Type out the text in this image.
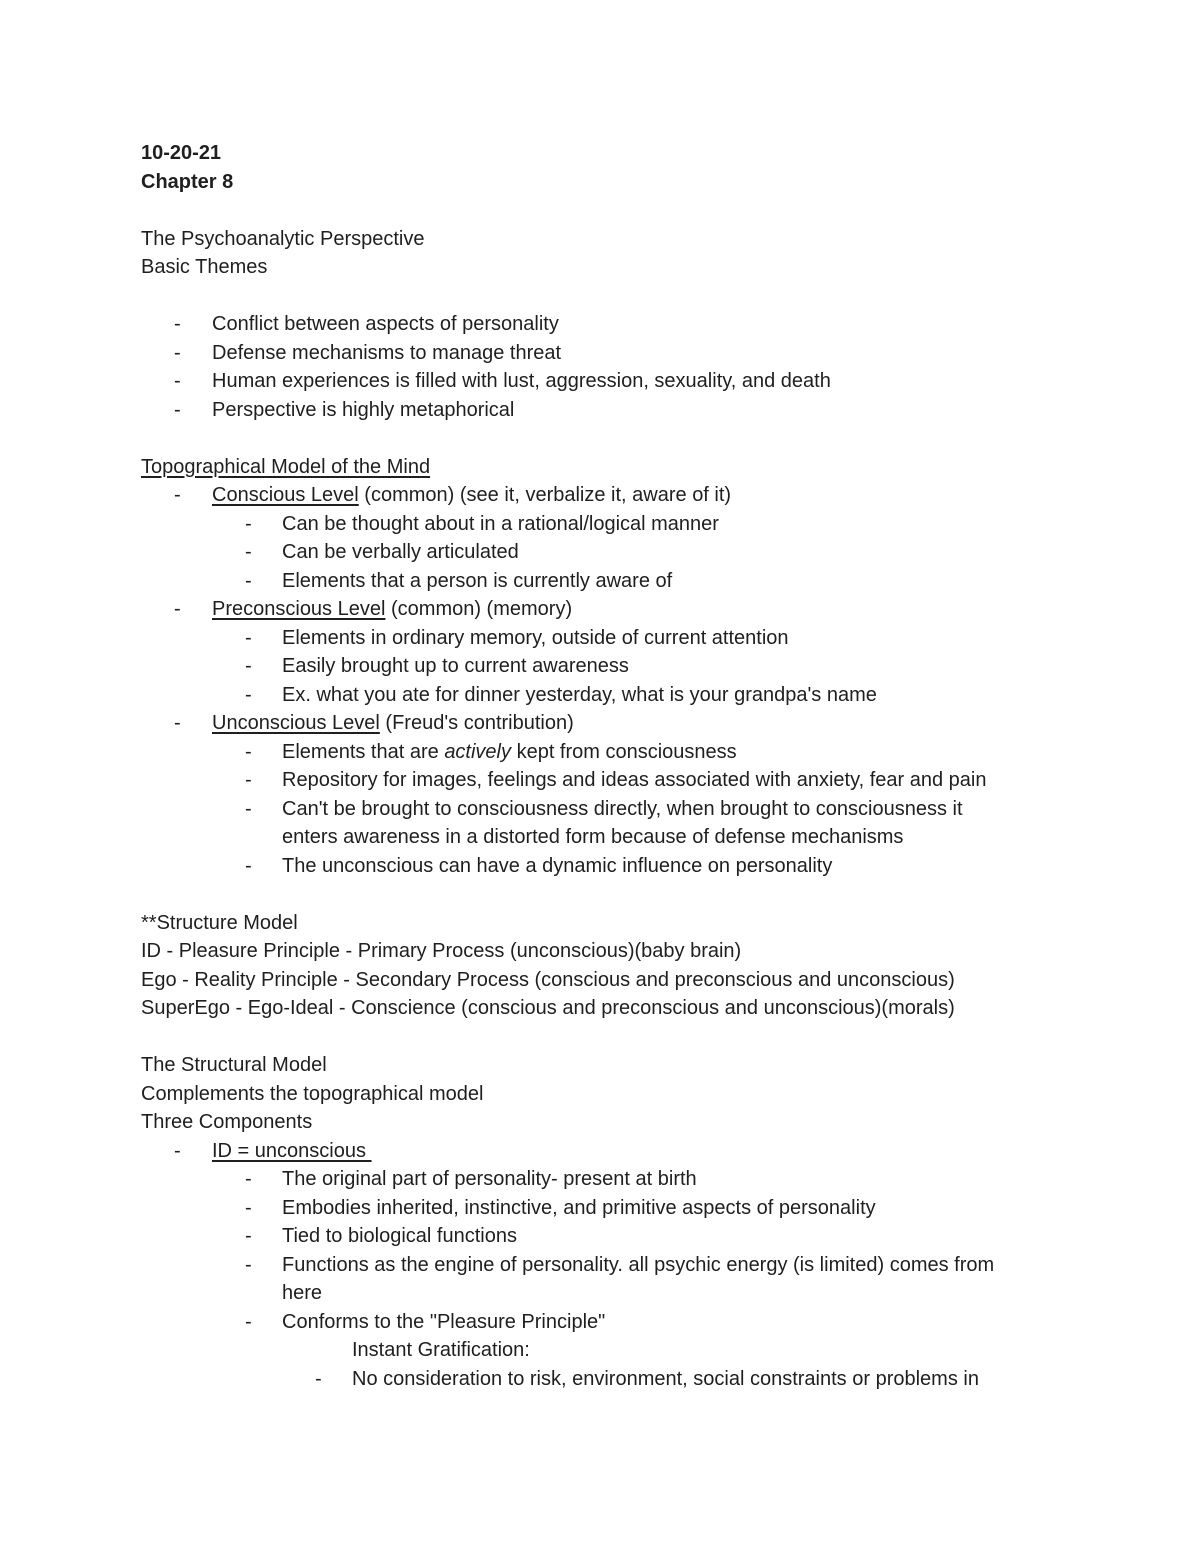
10-20-21
Chapter 8
The Psychoanalytic Perspective
Basic Themes
- Conflict between aspects of personality
- Defense mechanisms to manage threat
- Human experiences is filled with lust, aggression, sexuality, and death
- Perspective is highly metaphorical
Topographical Model of the Mind
- Conscious Level (common) (see it, verbalize it, aware of it)
- Can be thought about in a rational/logical manner
- Can be verbally articulated
- Elements that a person is currently aware of
- Preconscious Level (common) (memory)
- Elements in ordinary memory, outside of current attention
- Easily brought up to current awareness
- Ex. what you ate for dinner yesterday, what is your grandpa's name
- Unconscious Level (Freud's contribution)
- Elements that are actively kept from consciousness
- Repository for images, feelings and ideas associated with anxiety, fear and pain
- Can't be brought to consciousness directly, when brought to consciousness it
enters awareness in a distorted form because of defense mechanisms
- The unconscious can have a dynamic influence on personality
**Structure Model
ID - Pleasure Principle - Primary Process (unconscious)(baby brain)
Ego - Reality Principle - Secondary Process (conscious and preconscious and unconscious)
SuperEgo - Ego-Ideal - Conscience (conscious and preconscious and unconscious)(morals)
The Structural Model
Complements the topographical model
Three Components
- ID = unconscious
- The original part of personality- present at birth
- Embodies inherited, instinctive, and primitive aspects of personality
- Tied to biological functions
- Functions as the engine of personality. all psychic energy (is limited) comes from
here
- Conforms to the "Pleasure Principle"
Instant Gratification:
- No consideration to risk, environment, social constraints or problems in
